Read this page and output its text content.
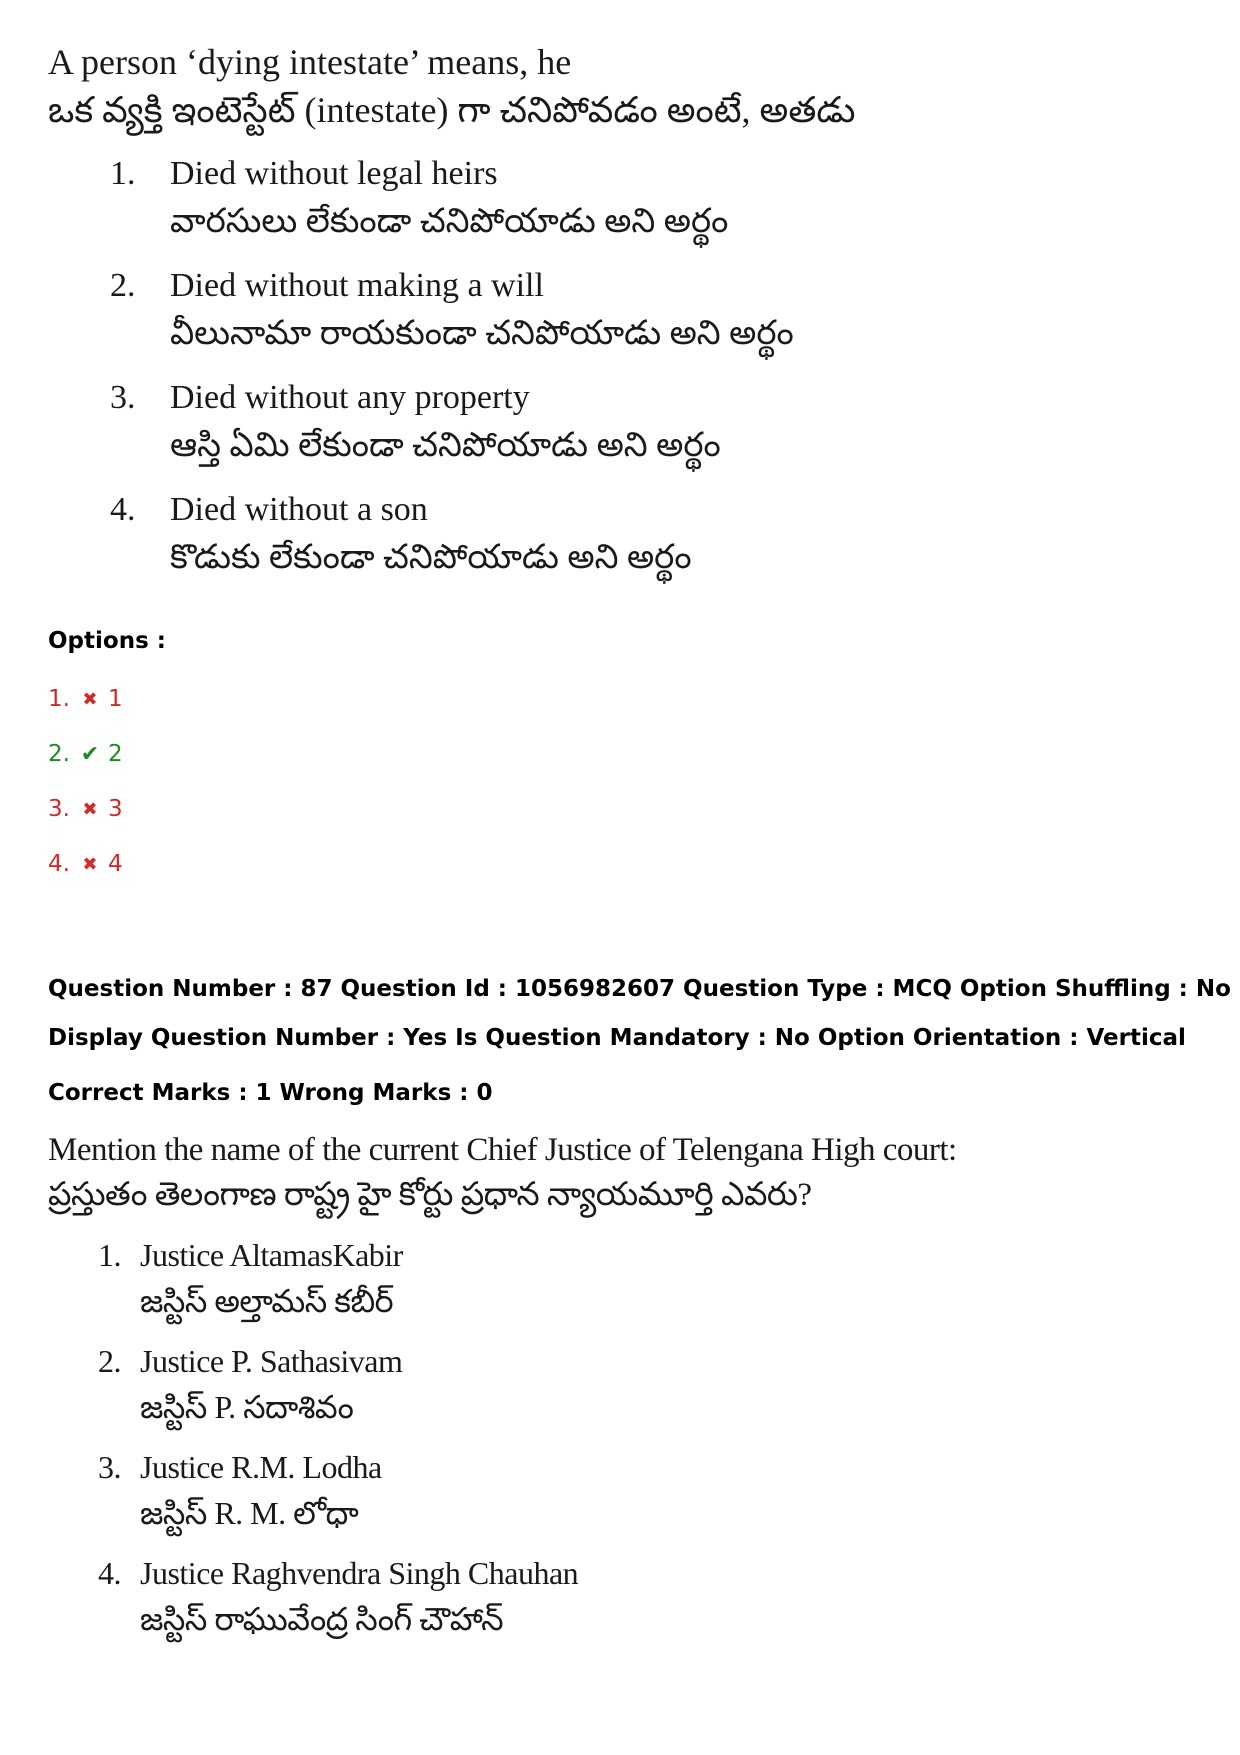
A person ‘dying intestate’ means, he
ఒక వ్యక్తి ఇంటెస్టేట్ (intestate) గా చనిపోవడం అంటే, అతడు
1.	Died without legal heirs
వారసులు లేకుండా చనిపోయాడు అని అర్థం
2.	Died without making a will
వీలునామా రాయకుండా చనిపోయాడు అని అర్థం
3.	Died without any property
ఆస్తి ఏమి లేకుండా చనిపోయాడు అని అర్థం
4.	Died without a son
కొడుకు లేకుండా చనిపోయాడు అని అర్థం
Options :
1. ✖ 1
2. ✔ 2
3. ✖ 3
4. ✖ 4
Question Number : 87 Question Id : 1056982607 Question Type : MCQ Option Shuffling : No
Display Question Number : Yes Is Question Mandatory : No Option Orientation : Vertical
Correct Marks : 1 Wrong Marks : 0
Mention the name of the current Chief Justice of Telengana High court:
ప్రస్తుతం తెలంగాణ రాష్ట్ర హై కోర్టు ప్రధాన న్యాయమూర్తి ఎవరు?
1. Justice AltamasKabir
జస్టిస్ అల్తామస్ కబీర్
2. Justice P. Sathasivam
జస్టిస్ P. సదాశివం
3. Justice R.M. Lodha
జస్టిస్ R. M. లోధా
4. Justice Raghvendra Singh Chauhan
జస్టిస్ రాఘువేంద్ర సింగ్ చౌహాన్
